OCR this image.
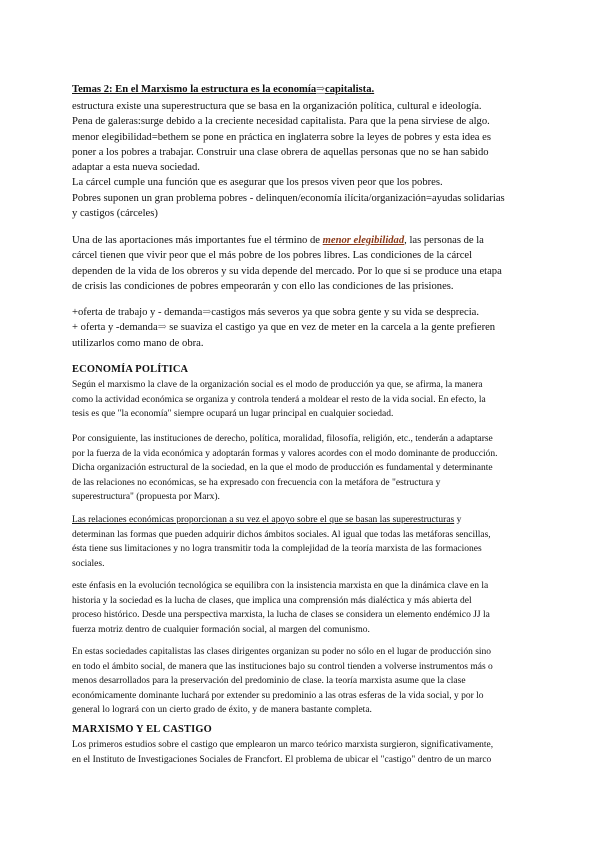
Temas 2: En el Marxismo la estructura es la economía⇒capitalista.

estructura existe una superestructura que se basa en la organización política, cultural e ideología.
Pena de galeras:surge debido a la creciente necesidad capitalista. Para que la pena sirviese de algo.
menor elegibilidad=bethem se pone en práctica en inglaterra sobre la leyes de pobres y esta idea es
poner a los pobres a trabajar. Construir una clase obrera de aquellas personas que no se han sabido
adaptar a esta nueva sociedad.
La cárcel cumple una función que es asegurar que los presos viven peor que los pobres.
Pobres suponen un gran problema pobres - delinquen/economía ilícita/organización=ayudas solidarias
y castigos (cárceles)
Una de las aportaciones más importantes fue el término de menor elegibilidad, las personas de la
cárcel tienen que vivir peor que el más pobre de los pobres libres. Las condiciones de la cárcel
dependen de la vida de los obreros y su vida depende del mercado. Por lo que si se produce una etapa
de crisis las condiciones de pobres empeorarán y con ello las condiciones de las prisiones.
+oferta de trabajo y - demanda⇒castigos más severos ya que sobra gente y su vida se desprecia.
+ oferta y -demanda⇒ se suaviza el castigo ya que en vez de meter en la carcela a la gente prefieren
utilizarlos como mano de obra.

ECONOMÍA POLÍTICA

Según el marxismo la clave de la organización social es el modo de producción ya que, se afirma, la manera
como la actividad económica se organiza y controla tenderá a moldear el resto de la vida social. En efecto, la
tesis es que "la economía" siempre ocupará un lugar principal en cualquier sociedad.
Por consiguiente, las instituciones de derecho, política, moralidad, filosofía, religión, etc., tenderán a adaptarse
por la fuerza de la vida económica y adoptarán formas y valores acordes con el modo dominante de producción.
Dicha organización estructural de la sociedad, en la que el modo de producción es fundamental y determinante
de las relaciones no económicas, se ha expresado con frecuencia con la metáfora de "estructura y
superestructura" (propuesta por Marx).
Las relaciones económicas proporcionan a su vez el apoyo sobre el que se basan las superestructuras y
determinan las formas que pueden adquirir dichos ámbitos sociales. Al igual que todas las metáforas sencillas,
ésta tiene sus limitaciones y no logra transmitir toda la complejidad de la teoría marxista de las formaciones
sociales.
este énfasis en la evolución tecnológica se equilibra con la insistencia marxista en que la dinámica clave en la
historia y la sociedad es la lucha de clases, que implica una comprensión más dialéctica y más abierta del
proceso histórico. Desde una perspectiva marxista, la lucha de clases se considera un elemento endémico JJ la
fuerza motriz dentro de cualquier formación social, al margen del comunismo.
En estas sociedades capitalistas las clases dirigentes organizan su poder no sólo en el lugar de producción sino
en todo el ámbito social, de manera que las instituciones bajo su control tienden a volverse instrumentos más o
menos desarrollados para la preservación del predominio de clase. la teoría marxista asume que la clase
económicamente dominante luchará por extender su predominio a las otras esferas de la vida social, y por lo
general lo logrará con un cierto grado de éxito, y de manera bastante completa.

MARXISMO Y EL CASTIGO

Los primeros estudios sobre el castigo que emplearon un marco teórico marxista surgieron, significativamente,
en el Instituto de Investigaciones Sociales de Francfort. El problema de ubicar el "castigo" dentro de un marco
